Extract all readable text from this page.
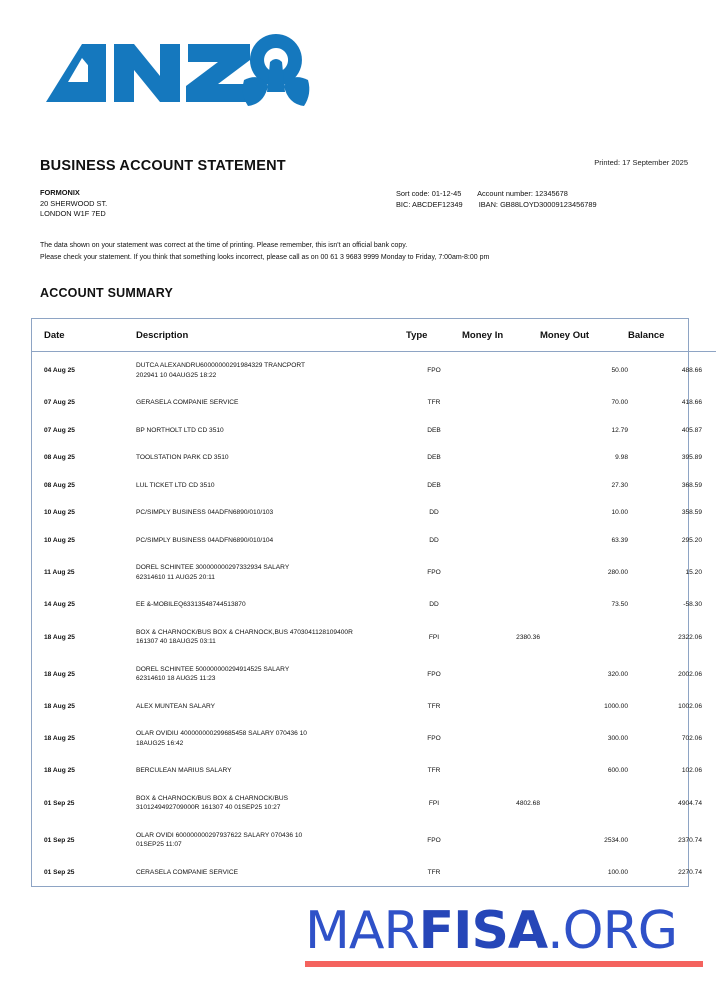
BUSINESS ACCOUNT STATEMENT	Printed: 17 September 2025
FORMONIX
20 SHERWOOD ST.
LONDON W1F 7ED
Sort code: 01-12-45 Account number: 12345678
BIC: ABCDEF12349 IBAN: GB88LOYD30009123456789
The data shown on your statement was correct at the time of printing. Please remember, this isn't an official bank copy.
Please check your statement. If you think that something looks incorrect, please call as on 00 61 3 9683 9999 Monday to Friday, 7:00am-8:00 pm
ACCOUNT SUMMARY
Date	Description	Type	Money In	Money Out	Balance
04 Aug 25	DUTCA ALEXANDRU60000000291984329 TRANCPORT
202941 10 04AUG25 18:22	FPO		50.00	488.66
07 Aug 25	GERASELA COMPANIE SERVICE	TFR		70.00	418.66
07 Aug 25	BP NORTHOLT LTD CD 3510	DEB		12.79	405.87
08 Aug 25	TOOLSTATION PARK CD 3510	DEB		9.98	395.89
08 Aug 25	LUL TICKET LTD CD 3510	DEB		27.30	368.59
10 Aug 25	PC/SIMPLY BUSINESS 04ADFN6890/010/103	DD		10.00	358.59
10 Aug 25	PC/SIMPLY BUSINESS 04ADFN6890/010/104	DD		63.39	295.20
11 Aug 25	DOREL SCHINTEE 300000000297332934 SALARY
62314610 11 AUG25 20:11	FPO		280.00	15.20
14 Aug 25	EE &-MOBILEQ63313548744513870	DD		73.50	-58.30
18 Aug 25	BOX & CHARNOCK/BUS BOX & CHARNOCK,BUS 4703041128109400R
161307 40 18AUG25 03:11	FPI	2380.36		2322.06
18 Aug 25	DOREL SCHINTEE 500000000294914525 SALARY
62314610 18 AUG25 11:23	FPO		320.00	2002.06
18 Aug 25	ALEX MUNTEAN SALARY	TFR		1000.00	1002.06
18 Aug 25	OLAR OVIDIU 400000000299685458 SALARY 070436 10
18AUG25 16:42	FPO		300.00	702.06
18 Aug 25	BERCULEAN MARIUS SALARY	TFR		600.00	102.06
01 Sep 25	BOX & CHARNOCK/BUS BOX & CHARNOCK/BUS
3101249492709000R 161307 40 01SEP25 10:27	FPI	4802.68		4904.74
01 Sep 25	OLAR OVIDI 600000000297937622 SALARY 070436 10
01SEP25 11:07	FPO		2534.00	2370.74
01 Sep 25	CERASELA COMPANIE SERVICE	TFR		100.00	2270.74
MARFISA.ORG
